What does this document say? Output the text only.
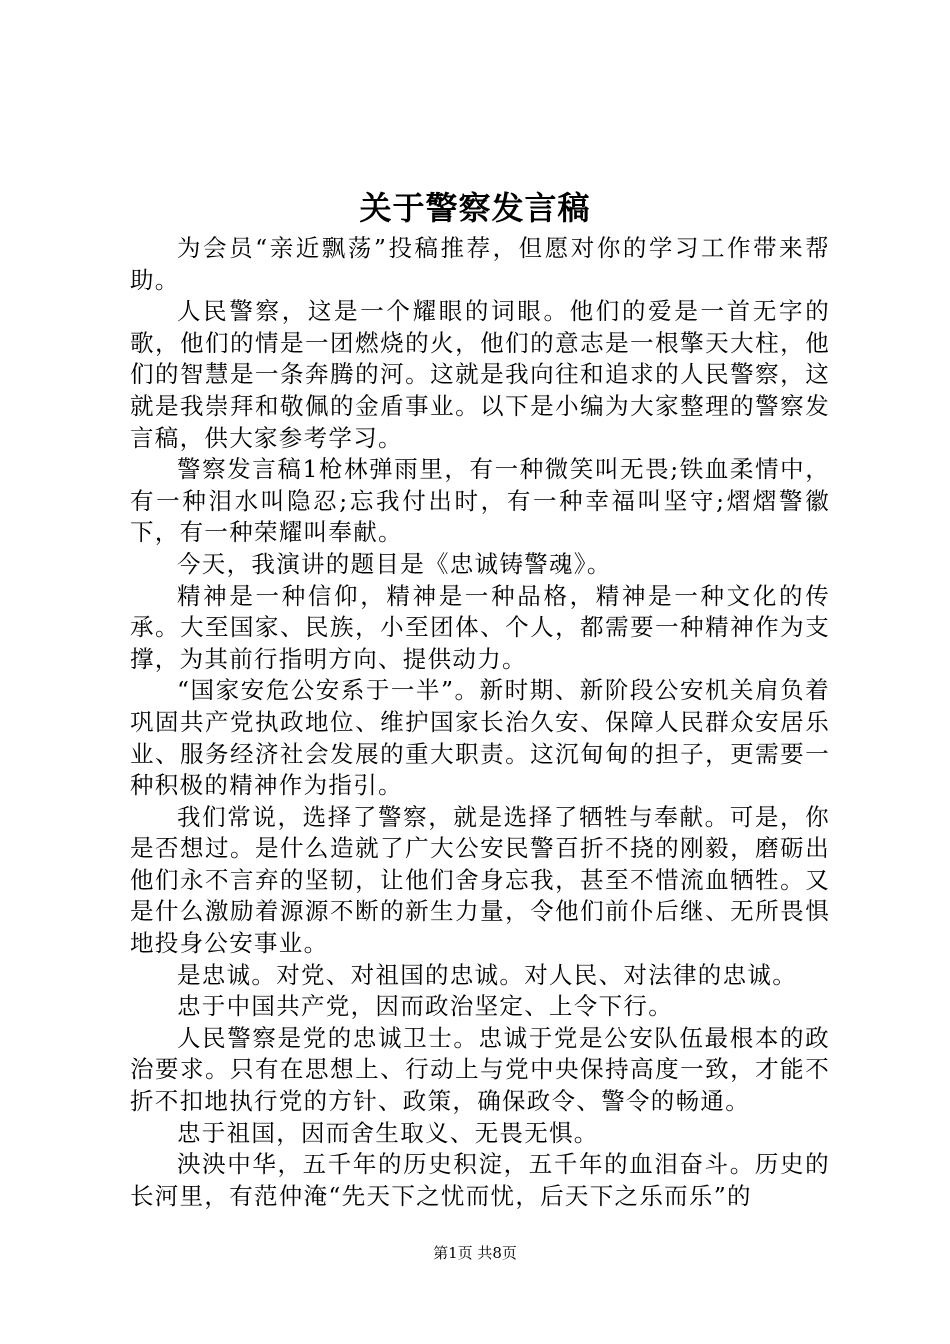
关于警察发言稿

为会员“亲近飘荡”投稿推荐，但愿对你的学习工作带来帮助。

人民警察，这是一个耀眼的词眼。他们的爱是一首无字的歌，他们的情是一团燃烧的火，他们的意志是一根擎天大柱，他们的智慧是一条奔腾的河。这就是我向往和追求的人民警察，这就是我崇拜和敬佩的金盾事业。以下是小编为大家整理的警察发言稿，供大家参考学习。

警察发言稿1枪林弹雨里，有一种微笑叫无畏;铁血柔情中，有一种泪水叫隐忍;忘我付出时，有一种幸福叫坚守;熠熠警徽下，有一种荣耀叫奉献。

今天，我演讲的题目是《忠诚铸警魂》。

精神是一种信仰，精神是一种品格，精神是一种文化的传承。大至国家、民族，小至团体、个人，都需要一种精神作为支撑，为其前行指明方向、提供动力。

“国家安危公安系于一半”。新时期、新阶段公安机关肩负着巩固共产党执政地位、维护国家长治久安、保障人民群众安居乐业、服务经济社会发展的重大职责。这沉甸甸的担子，更需要一种积极的精神作为指引。

我们常说，选择了警察，就是选择了牺牲与奉献。可是，你是否想过。是什么造就了广大公安民警百折不挠的刚毅，磨砺出他们永不言弃的坚韧，让他们舍身忘我，甚至不惜流血牺牲。又是什么激励着源源不断的新生力量，令他们前仆后继、无所畏惧地投身公安事业。

是忠诚。对党、对祖国的忠诚。对人民、对法律的忠诚。

忠于中国共产党，因而政治坚定、上令下行。

人民警察是党的忠诚卫士。忠诚于党是公安队伍最根本的政治要求。只有在思想上、行动上与党中央保持高度一致，才能不折不扣地执行党的方针、政策，确保政令、警令的畅通。

忠于祖国，因而舍生取义、无畏无惧。

泱泱中华，五千年的历史积淀，五千年的血泪奋斗。历史的长河里，有范仲淹“先天下之忧而忧，后天下之乐而乐”的

第1页 共8页
